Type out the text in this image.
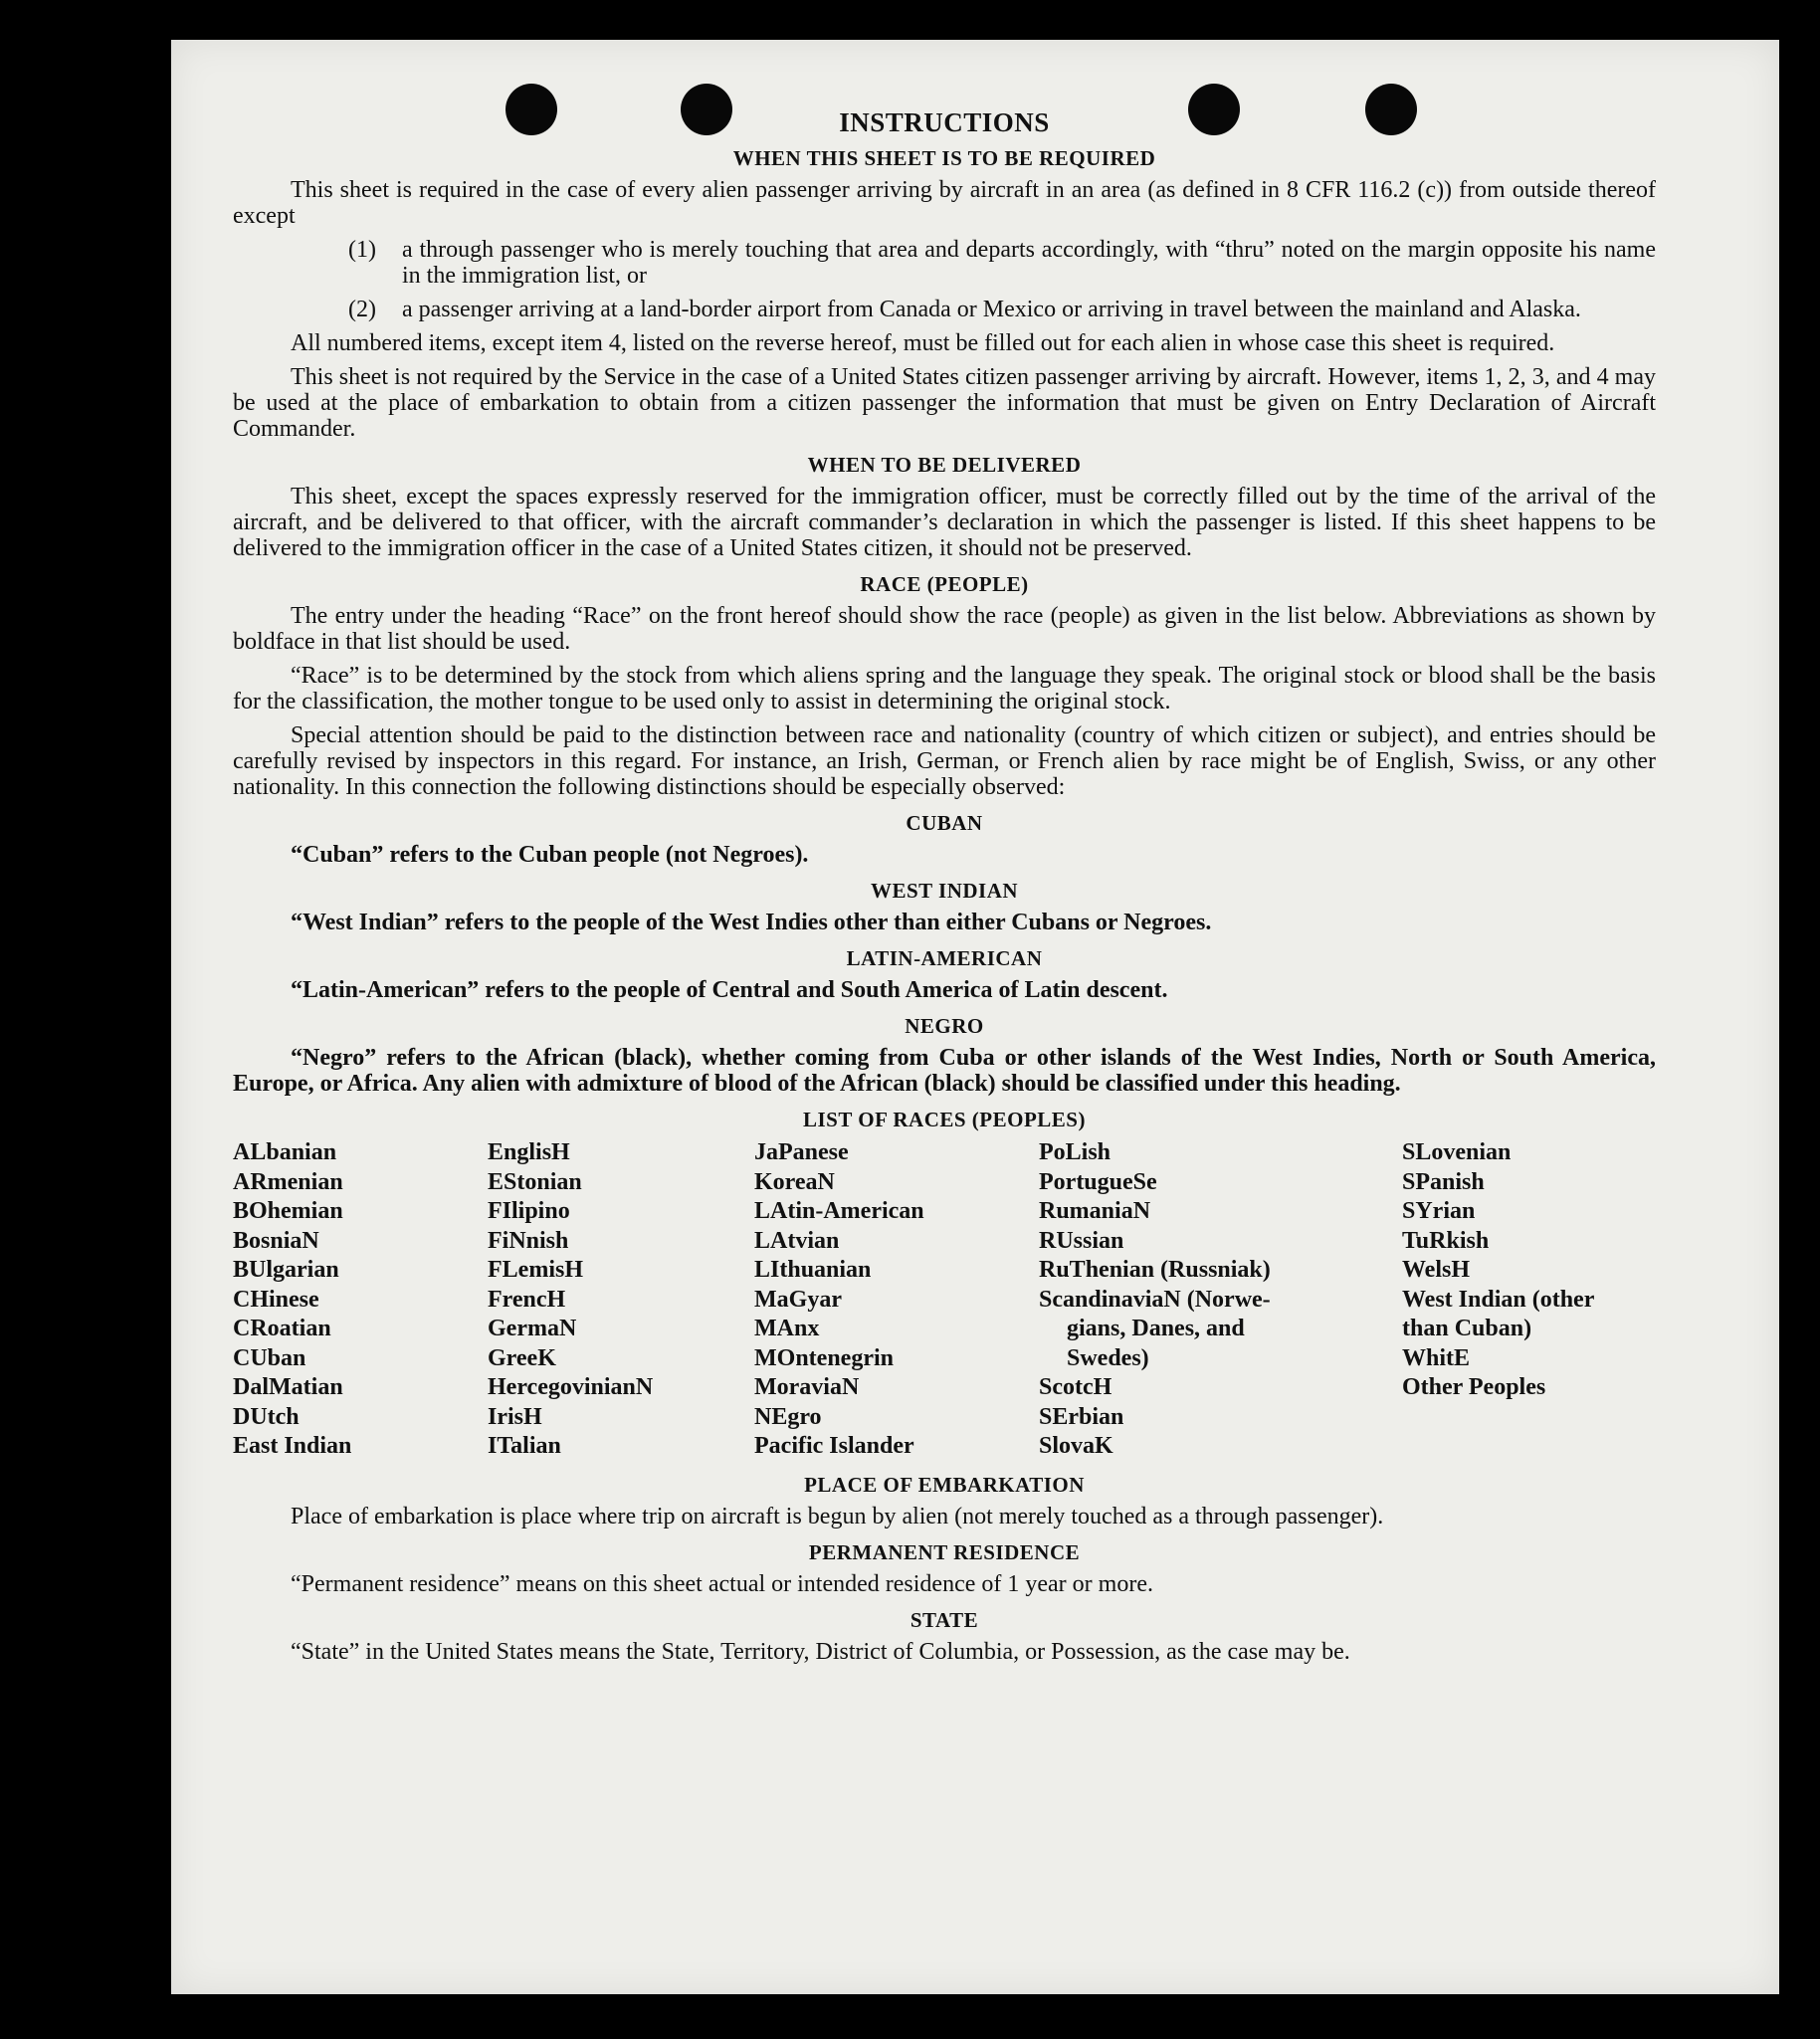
INSTRUCTIONS
WHEN THIS SHEET IS TO BE REQUIRED

This sheet is required in the case of every alien passenger arriving by aircraft in an area (as defined in 8 CFR 116.2 (c)) from outside thereof except

(1)	a through passenger who is merely touching that area and departs accordingly, with “thru” noted on the margin opposite his name in the immigration list, or
(2)	a passenger arriving at a land-border airport from Canada or Mexico or arriving in travel between the mainland and Alaska.

All numbered items, except item 4, listed on the reverse hereof, must be filled out for each alien in whose case this sheet is required.

This sheet is not required by the Service in the case of a United States citizen passenger arriving by aircraft. However, items 1, 2, 3, and 4 may be used at the place of embarkation to obtain from a citizen passenger the information that must be given on Entry Declaration of Aircraft Commander.

WHEN TO BE DELIVERED

This sheet, except the spaces expressly reserved for the immigration officer, must be correctly filled out by the time of the arrival of the aircraft, and be delivered to that officer, with the aircraft commander’s declaration in which the passenger is listed. If this sheet happens to be delivered to the immigration officer in the case of a United States citizen, it should not be preserved.

RACE (PEOPLE)

The entry under the heading “Race” on the front hereof should show the race (people) as given in the list below. Abbreviations as shown by boldface in that list should be used.

“Race” is to be determined by the stock from which aliens spring and the language they speak. The original stock or blood shall be the basis for the classification, the mother tongue to be used only to assist in determining the original stock.

Special attention should be paid to the distinction between race and nationality (country of which citizen or subject), and entries should be carefully revised by inspectors in this regard. For instance, an Irish, German, or French alien by race might be of English, Swiss, or any other nationality. In this connection the following distinctions should be especially observed:

CUBAN
“Cuban” refers to the Cuban people (not Negroes).
WEST INDIAN
“West Indian” refers to the people of the West Indies other than either Cubans or Negroes.
LATIN-AMERICAN
“Latin-American” refers to the people of Central and South America of Latin descent.
NEGRO
“Negro” refers to the African (black), whether coming from Cuba or other islands of the West Indies, North or South America, Europe, or Africa. Any alien with admixture of blood of the African (black) should be classified under this heading.
LIST OF RACES (PEOPLES)
ALbanian
ARmenian
BOhemian
BosniaN
BUlgarian
CHinese
CRoatian
CUban
DalMatian
DUtch
East Indian
EnglisH
EStonian
FIlipino
FiNnish
FLemisH
FrencH
GermaN
GreeK
HercegovinianN
IrisH
ITalian
JaPanese
KoreaN
LAtin-American
LAtvian
LIthuanian
MaGyar
MAnx
MOntenegrin
MoraviaN
NEgro
Pacific Islander
PoLish
PortugueSe
RumaniaN
RUssian
RuThenian (Russniak)
ScandinaviaN (Norwe-
gians, Danes, and
Swedes)
ScotcH
SErbian
SlovaK
SLovenian
SPanish
SYrian
TuRkish
WelsH
West Indian (other
than Cuban)
WhitE
Other Peoples
PLACE OF EMBARKATION

Place of embarkation is place where trip on aircraft is begun by alien (not merely touched as a through passenger).

PERMANENT RESIDENCE

“Permanent residence” means on this sheet actual or intended residence of 1 year or more.

STATE

“State” in the United States means the State, Territory, District of Columbia, or Possession, as the case may be.
